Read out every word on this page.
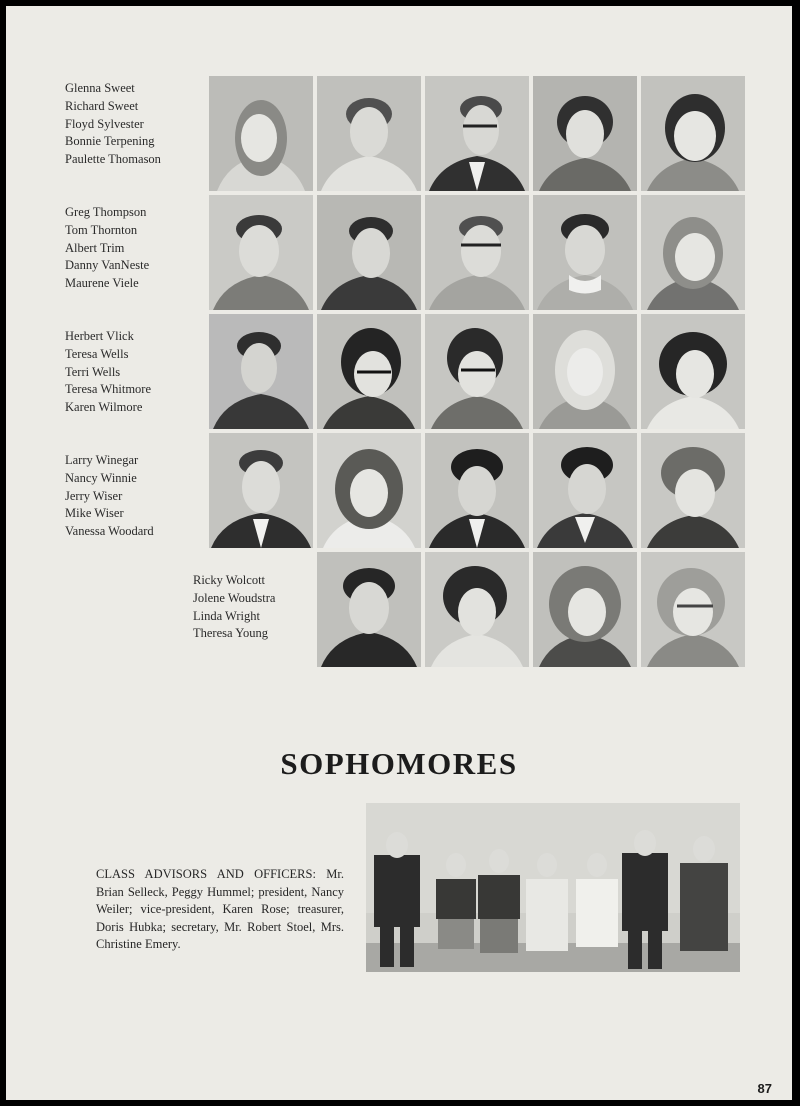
Glenna Sweet
Richard Sweet
Floyd Sylvester
Bonnie Terpening
Paulette Thomason
Greg Thompson
Tom Thornton
Albert Trim
Danny VanNeste
Maurene Viele
Herbert Vlick
Teresa Wells
Terri Wells
Teresa Whitmore
Karen Wilmore
Larry Winegar
Nancy Winnie
Jerry Wiser
Mike Wiser
Vanessa Woodard
Ricky Wolcott
Jolene Woudstra
Linda Wright
Theresa Young
SOPHOMORES
CLASS ADVISORS AND OFFICERS: Mr. Brian Selleck, Peggy Hummel; president, Nancy Weiler; vice-president, Karen Rose; treasurer, Doris Hubka; secretary, Mr. Robert Stoel, Mrs. Christine Emery.
87
